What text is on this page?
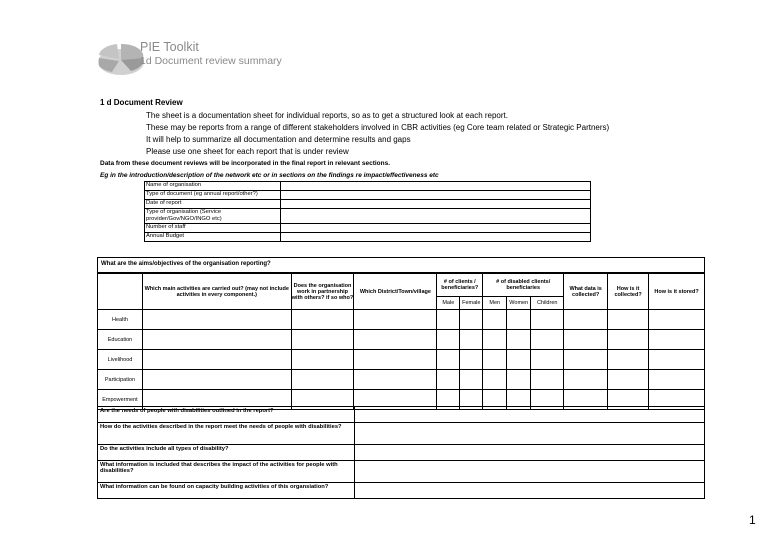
PIE Toolkit
1d Document review summary
1 d Document Review
The sheet is a documentation sheet for individual reports, so as to get a structured look at each report.
These may be reports from a range of different stakeholders involved in CBR activities (eg Core team related or Strategic Partners)
It will help to summarize all documentation and determine results and gaps
Please use one sheet for each report that is under review
Data from these document reviews will be incorporated in the final report in relevant sections.
Eg in the introduction/description of the network etc or in sections on the findings re impact/effectiveness etc
Name of organisation	
Type of document (eg annual report/other?)	
Date of report	
Type of organisation (Service provider/Gov/NGO/INGO etc)	
Number of staff	
Annual Budget	
What are the aims/objectives of the organisation reporting?
	Which main activities are carried out? (may not include activities in every component.)	Does the organisation work in partnership with others? if so who?	Which District/Town/village	# of clients / beneficiaries?		# of disabled clients/ beneficiaries			What data is collected?	How is it collected?	How is it stored?
				Male	Female	Men	Women	Children			
Health											
Education											
Livelihood											
Participation											
Empowerment											
Are the needs of people with disabilities outlined in the report?	
How do the activities described in the report meet the needs of people with disabilities?	
Do the activities include all types of disability?	
What information is included that describes the impact of the activities for people with disabilities?	
What information can be found on capacity building activities of this organsiation?	
1
